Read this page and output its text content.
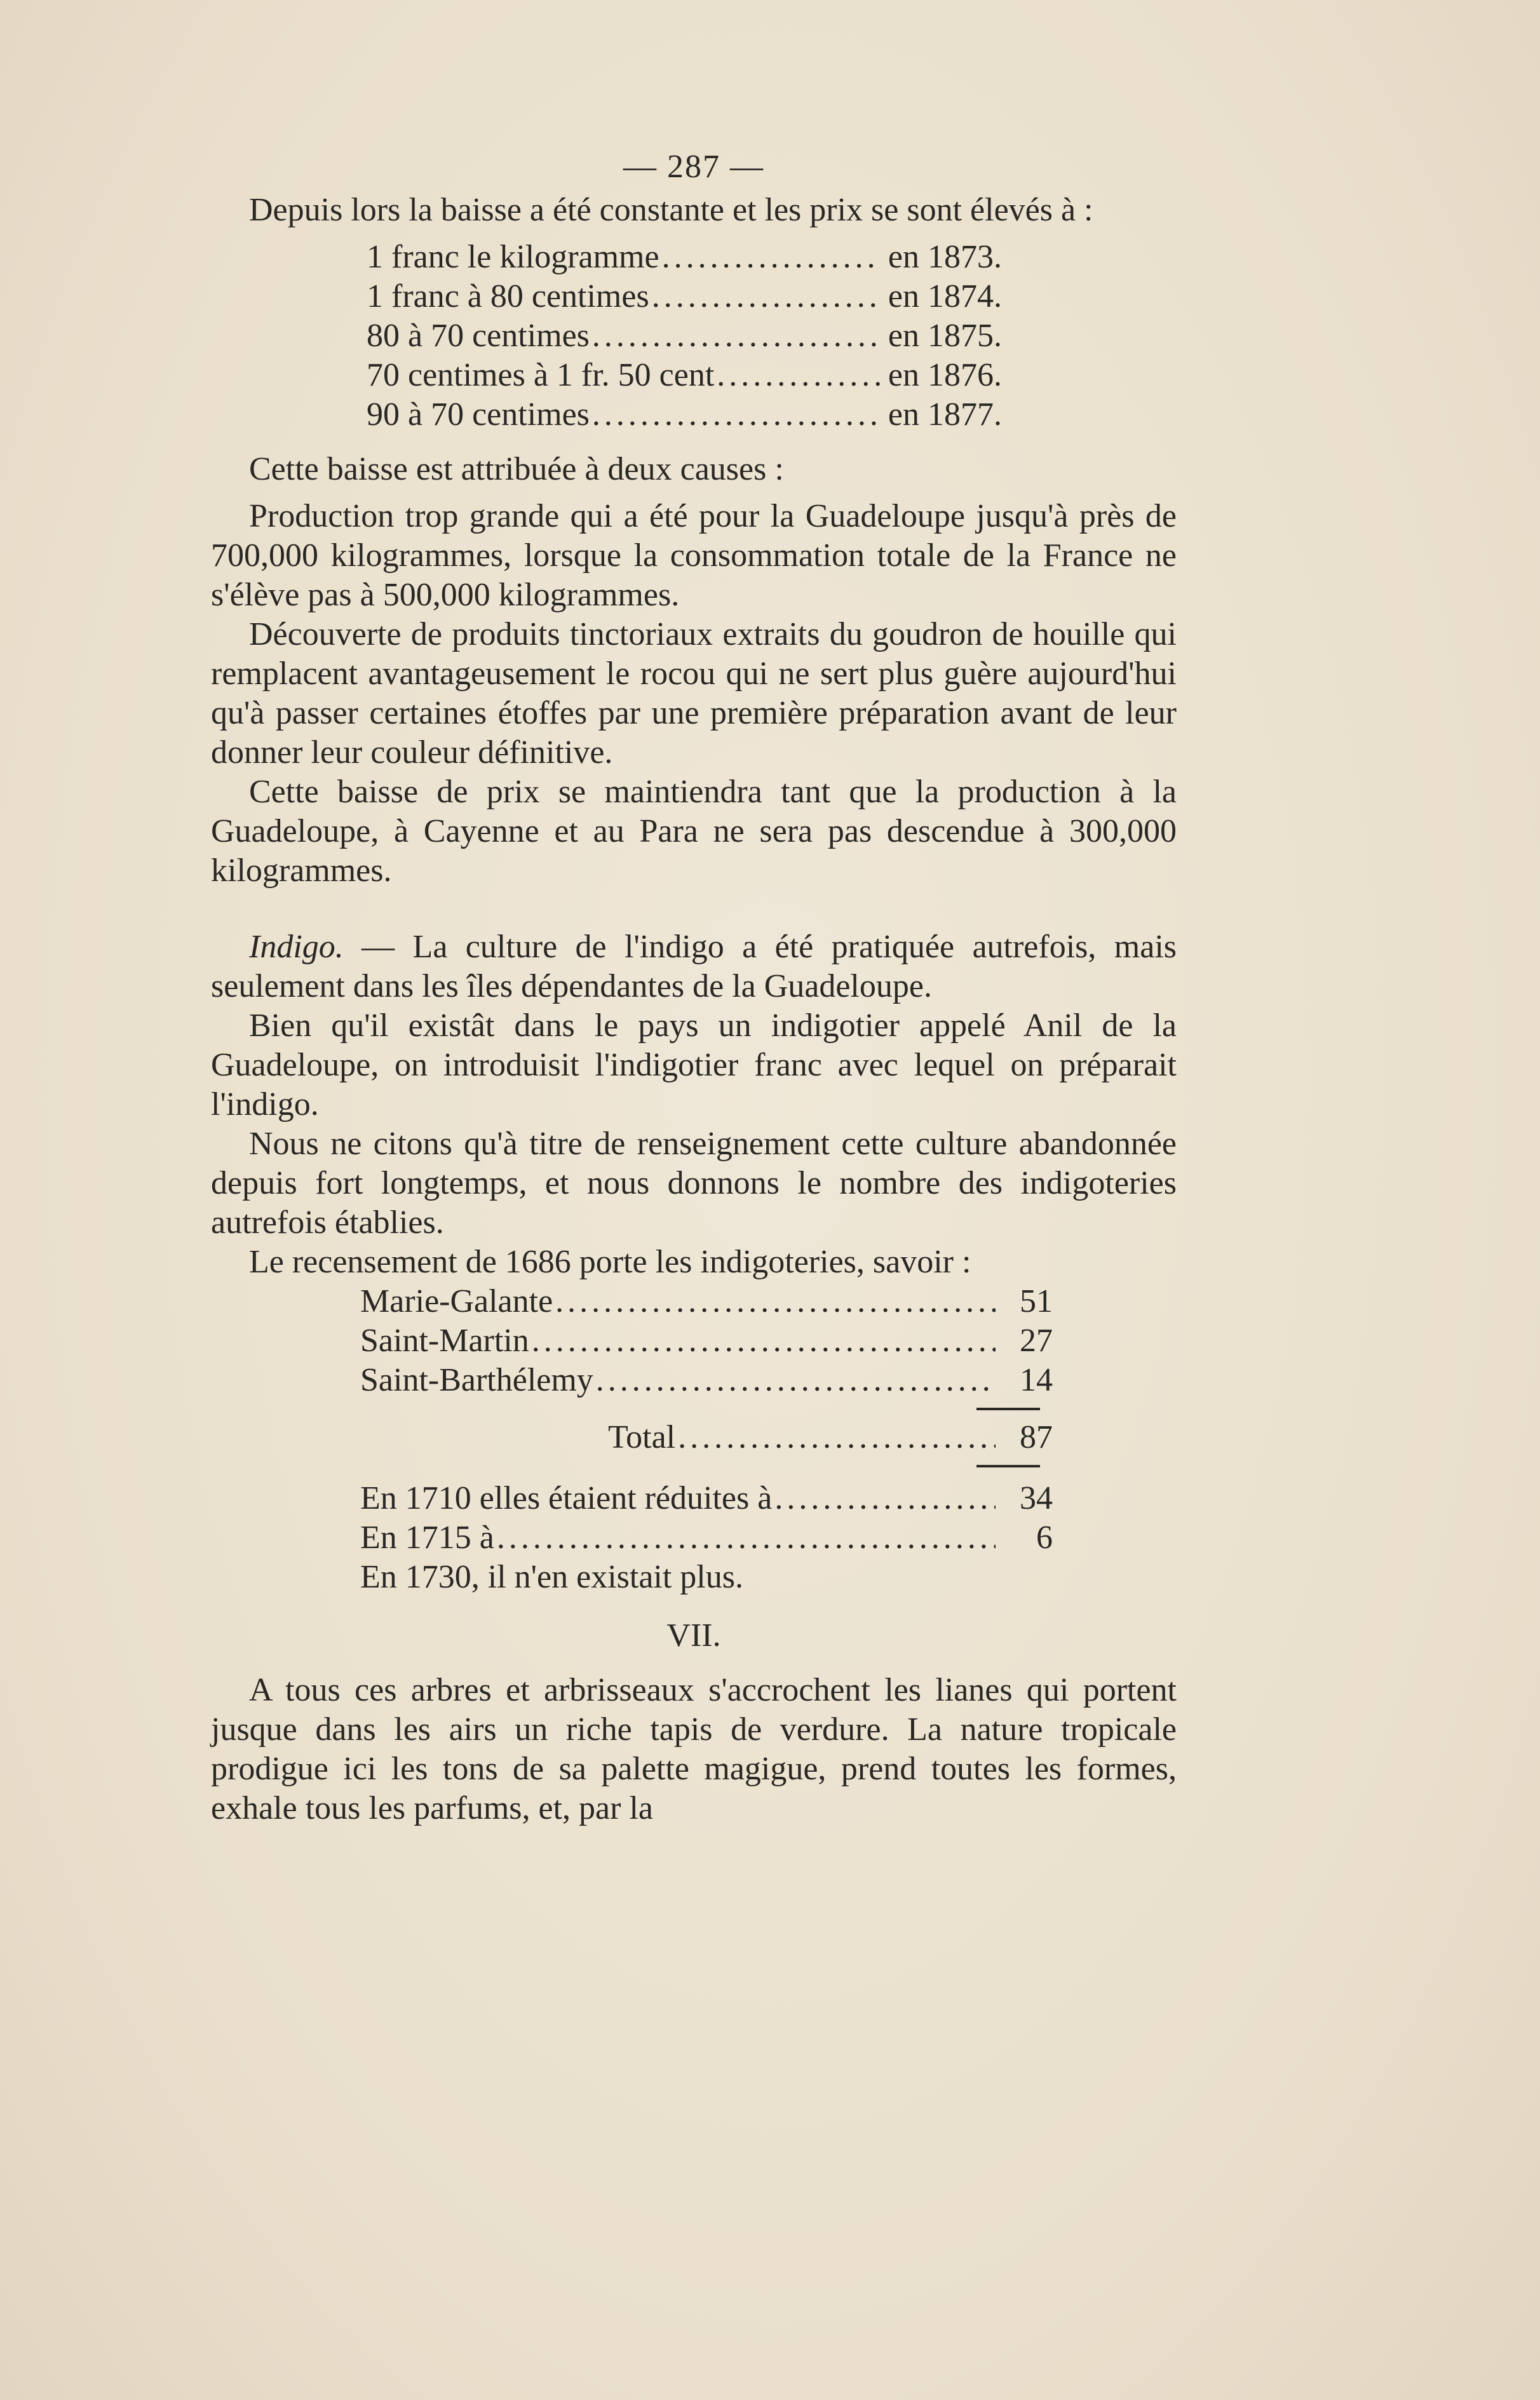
— 287 —

Depuis lors la baisse a été constante et les prix se sont élevés à :

1 franc le kilogramme .....	en 1873.
1 franc à 80 centimes .....	en 1874.
80 à 70 centimes .....	en 1875.
70 centimes à 1 fr. 50 cent .....	en 1876.
90 à 70 centimes .....	en 1877.

Cette baisse est attribuée à deux causes :

Production trop grande qui a été pour la Guadeloupe jusqu'à près de 700,000 kilogrammes, lorsque la consommation totale de la France ne s'élève pas à 500,000 kilogrammes.

Découverte de produits tinctoriaux extraits du goudron de houille qui remplacent avantageusement le rocou qui ne sert plus guère aujourd'hui qu'à passer certaines étoffes par une première préparation avant de leur donner leur couleur définitive.

Cette baisse de prix se maintiendra tant que la production à la Guadeloupe, à Cayenne et au Para ne sera pas descendue à 300,000 kilogrammes.

Indigo. — La culture de l'indigo a été pratiquée autrefois, mais seulement dans les îles dépendantes de la Guadeloupe.

Bien qu'il existât dans le pays un indigotier appelé Anil de la Guadeloupe, on introduisit l'indigotier franc avec lequel on préparait l'indigo.

Nous ne citons qu'à titre de renseignement cette culture abandonnée depuis fort longtemps, et nous donnons le nombre des indigoteries autrefois établies.

Le recensement de 1686 porte les indigoteries, savoir :

Marie-Galante .....	51
Saint-Martin .....	27
Saint-Barthélemy .....	14
Total .....	87
En 1710 elles étaient réduites à .....	34
En 1715 à .....	6
En 1730, il n'en existait plus.
VII.

A tous ces arbres et arbrisseaux s'accrochent les lianes qui portent jusque dans les airs un riche tapis de verdure. La nature tropicale prodigue ici les tons de sa palette magigue, prend toutes les formes, exhale tous les parfums, et, par la
